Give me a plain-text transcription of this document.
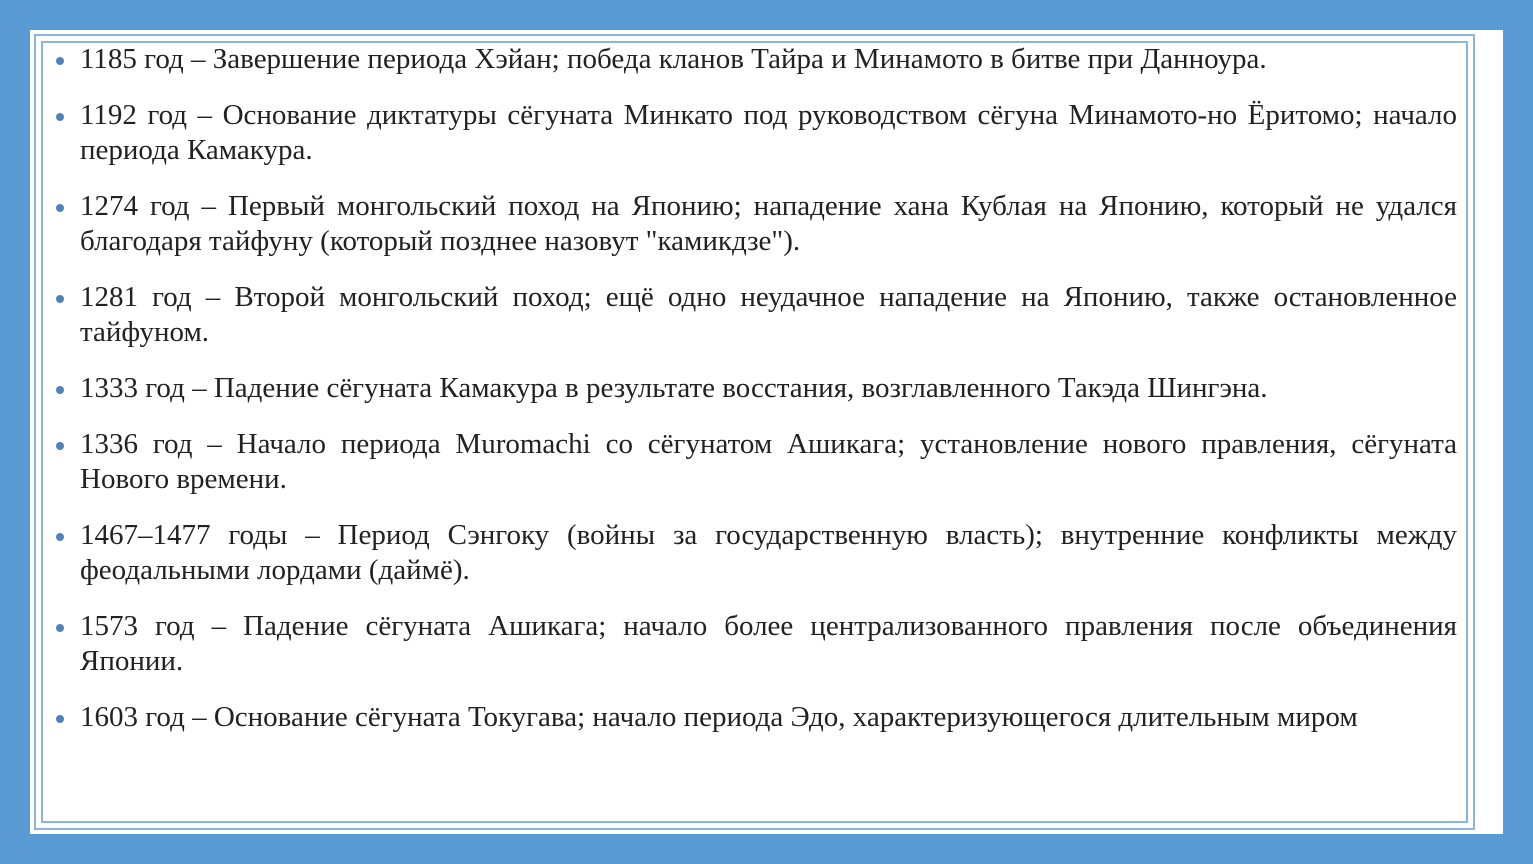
1185 год – Завершение периода Хэйан; победа кланов Тайра и Минамото в битве при Данноура.
1192 год – Основание диктатуры сёгуната Минкато под руководством сёгуна Минамото-но Ёритомо; начало периода Камакура.
1274 год – Первый монгольский поход на Японию; нападение хана Кублая на Японию, который не удался благодаря тайфуну (который позднее назовут "камикдзе").
1281 год – Второй монгольский поход; ещё одно неудачное нападение на Японию, также остановленное тайфуном.
1333 год – Падение сёгуната Камакура в результате восстания, возглавленного Такэда Шингэна.
1336 год – Начало периода Muromachi со сёгунатом Ашикага; установление нового правления, сёгуната Нового времени.
1467–1477 годы – Период Сэнгоку (войны за государственную власть); внутренние конфликты между феодальными лордами (даймё).
1573 год – Падение сёгуната Ашикага; начало более централизованного правления после объединения Японии.
1603 год – Основание сёгуната Токугава; начало периода Эдо, характеризующегося длительным миром
